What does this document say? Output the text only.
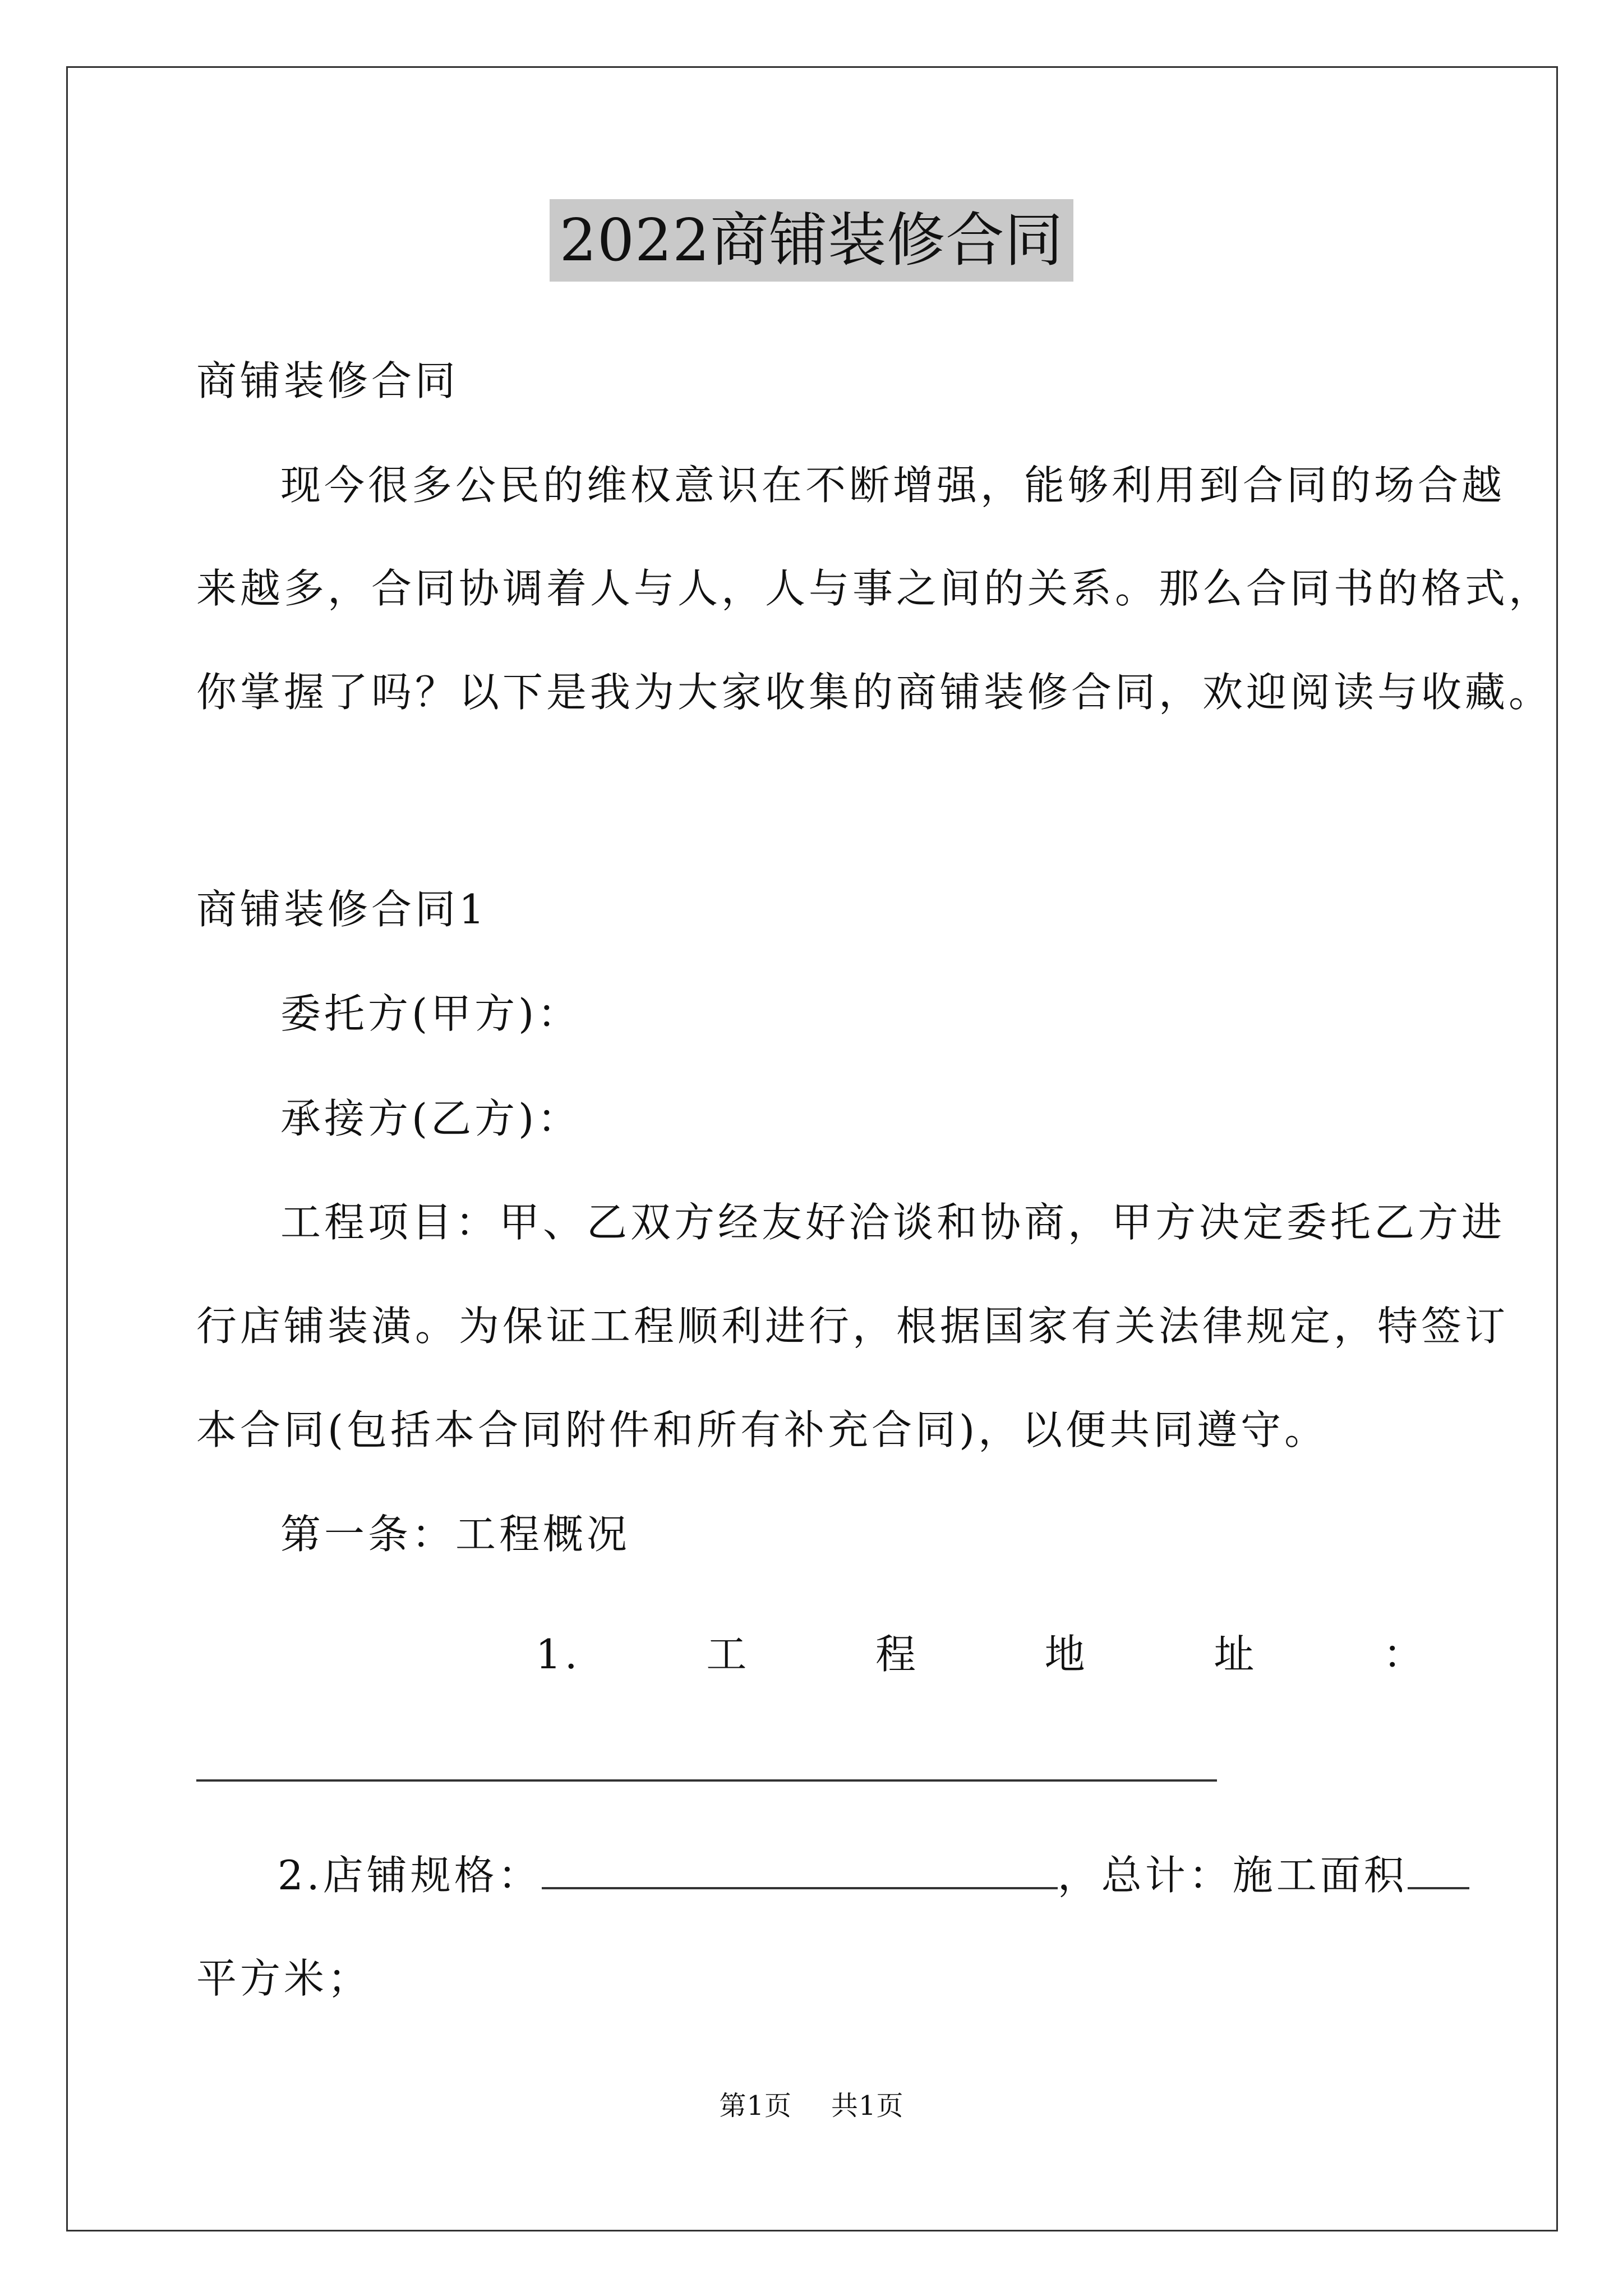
2022商铺装修合同
商铺装修合同
现今很多公民的维权意识在不断增强，能够利用到合同的场合越
来越多，合同协调着人与人，人与事之间的关系。那么合同书的格式，
你掌握了吗？以下是我为大家收集的商铺装修合同，欢迎阅读与收藏。
商铺装修合同1
委托方(甲方)：
承接方(乙方)：
工程项目：甲、乙双方经友好洽谈和协商，甲方决定委托乙方进
行店铺装潢。为保证工程顺利进行，根据国家有关法律规定，特签订
本合同(包括本合同附件和所有补充合同)，以便共同遵守。
第一条：工程概况
1.	工	程	地	址	：
2.店铺规格：	，总计：施工面积
平方米；
第1页 共1页
